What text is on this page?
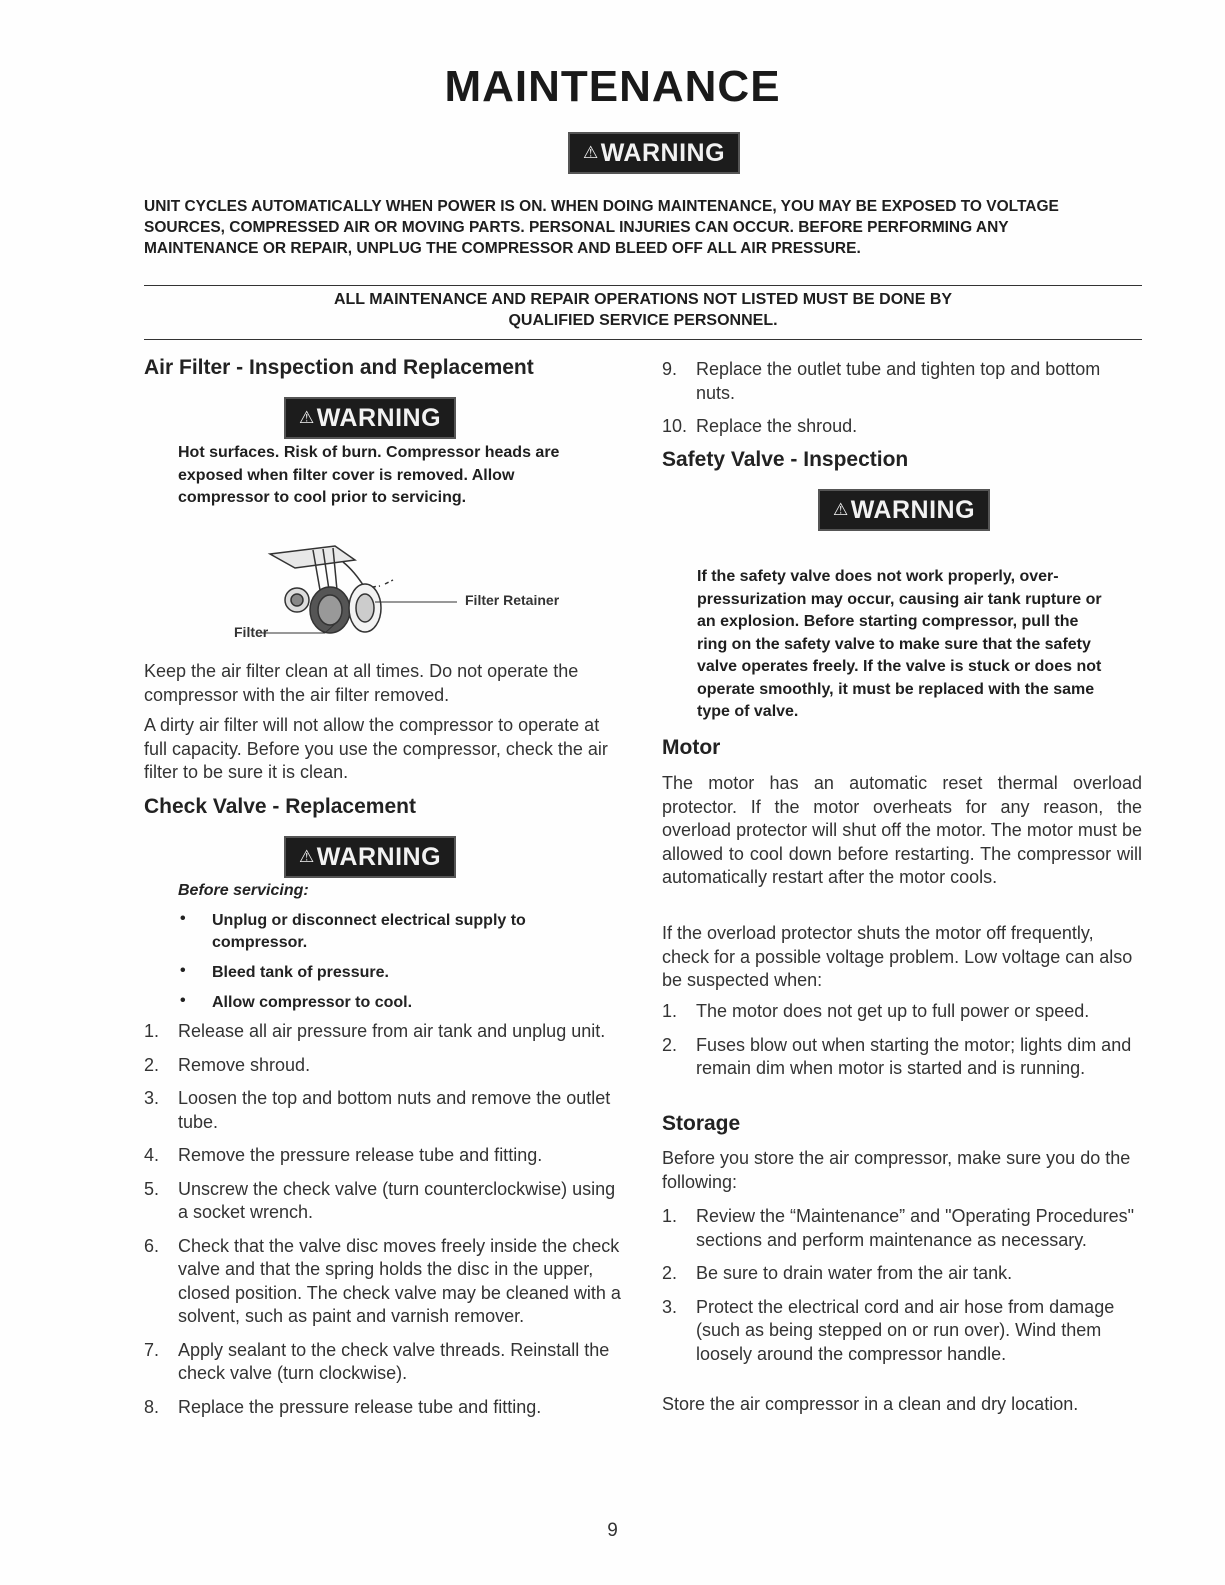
MAINTENANCE
⚠ WARNING
UNIT CYCLES AUTOMATICALLY WHEN POWER IS ON. WHEN DOING MAINTENANCE, YOU MAY BE EXPOSED TO VOLTAGE SOURCES, COMPRESSED AIR OR MOVING PARTS. PERSONAL INJURIES CAN OCCUR. BEFORE PERFORMING ANY MAINTENANCE OR REPAIR, UNPLUG THE COMPRESSOR AND BLEED OFF ALL AIR PRESSURE.
ALL MAINTENANCE AND REPAIR OPERATIONS NOT LISTED MUST BE DONE BY
QUALIFIED SERVICE PERSONNEL.
Air Filter - Inspection and Replacement
⚠ WARNING
Hot surfaces. Risk of burn. Compressor heads are exposed when filter cover is removed. Allow compressor to cool prior to servicing.
Filter Retainer
Filter
Keep the air filter clean at all times. Do not operate the compressor with the air filter removed.
A dirty air filter will not allow the compressor to operate at full capacity. Before you use the compressor, check the air filter to be sure it is clean.
Check Valve - Replacement
⚠ WARNING
Before servicing:
• Unplug or disconnect electrical supply to compressor.
• Bleed tank of pressure.
• Allow compressor to cool.
1. Release all air pressure from air tank and unplug unit.
2. Remove shroud.
3. Loosen the top and bottom nuts and remove the outlet tube.
4. Remove the pressure release tube and fitting.
5. Unscrew the check valve (turn counterclockwise) using a socket wrench.
6. Check that the valve disc moves freely inside the check valve and that the spring holds the disc in the upper, closed position. The check valve may be cleaned with a solvent, such as paint and varnish remover.
7. Apply sealant to the check valve threads. Reinstall the check valve (turn clockwise).
8. Replace the pressure release tube and fitting.
9. Replace the outlet tube and tighten top and bottom nuts.
10. Replace the shroud.
Safety Valve - Inspection
⚠ WARNING
If the safety valve does not work properly, over-pressurization may occur, causing air tank rupture or an explosion. Before starting compressor, pull the ring on the safety valve to make sure that the safety valve operates freely. If the valve is stuck or does not operate smoothly, it must be replaced with the same type of valve.
Motor
The motor has an automatic reset thermal overload protector. If the motor overheats for any reason, the overload protector will shut off the motor. The motor must be allowed to cool down before restarting. The compressor will automatically restart after the motor cools.
If the overload protector shuts the motor off frequently, check for a possible voltage problem. Low voltage can also be suspected when:
1. The motor does not get up to full power or speed.
2. Fuses blow out when starting the motor; lights dim and remain dim when motor is started and is running.
Storage
Before you store the air compressor, make sure you do the following:
1. Review the “Maintenance” and "Operating Procedures" sections and perform maintenance as necessary.
2. Be sure to drain water from the air tank.
3. Protect the electrical cord and air hose from damage (such as being stepped on or run over). Wind them loosely around the compressor handle.
Store the air compressor in a clean and dry location.
9
